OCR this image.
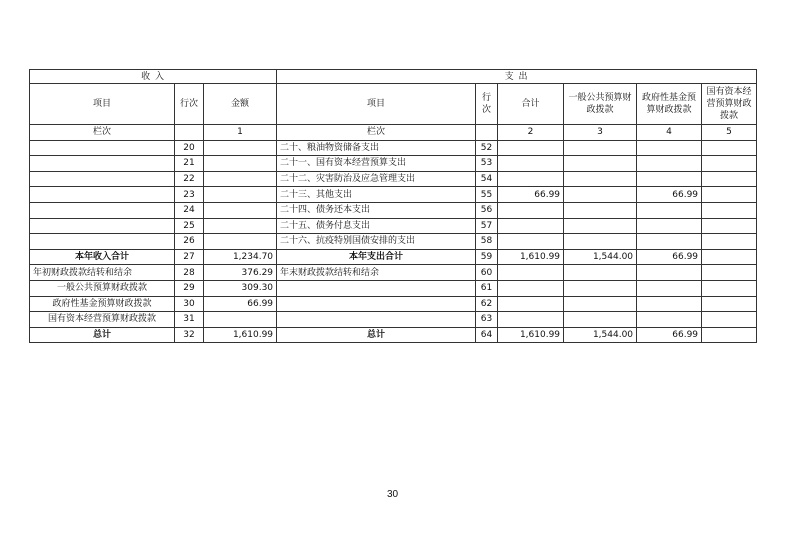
收 入			支 出					
项目	行次	金额	项目	行次	合计	一般公共预算财政拨款	政府性基金预算财政拨款	国有资本经营预算财政拨款
栏次		1	栏次		2	3	4	5
	20		二十、粮油物资储备支出	52				
	21		二十一、国有资本经营预算支出	53				
	22		二十二、灾害防治及应急管理支出	54				
	23		二十三、其他支出	55	66.99		66.99	
	24		二十四、债务还本支出	56				
	25		二十五、债务付息支出	57				
	26		二十六、抗疫特别国债安排的支出	58				
本年收入合计	27	1,234.70	本年支出合计	59	1,610.99	1,544.00	66.99	
年初财政拨款结转和结余	28	376.29	年末财政拨款结转和结余	60				
一般公共预算财政拨款	29	309.30		61				
政府性基金预算财政拨款	30	66.99		62				
国有资本经营预算财政拨款	31			63				
总计	32	1,610.99	总计	64	1,610.99	1,544.00	66.99	
30
